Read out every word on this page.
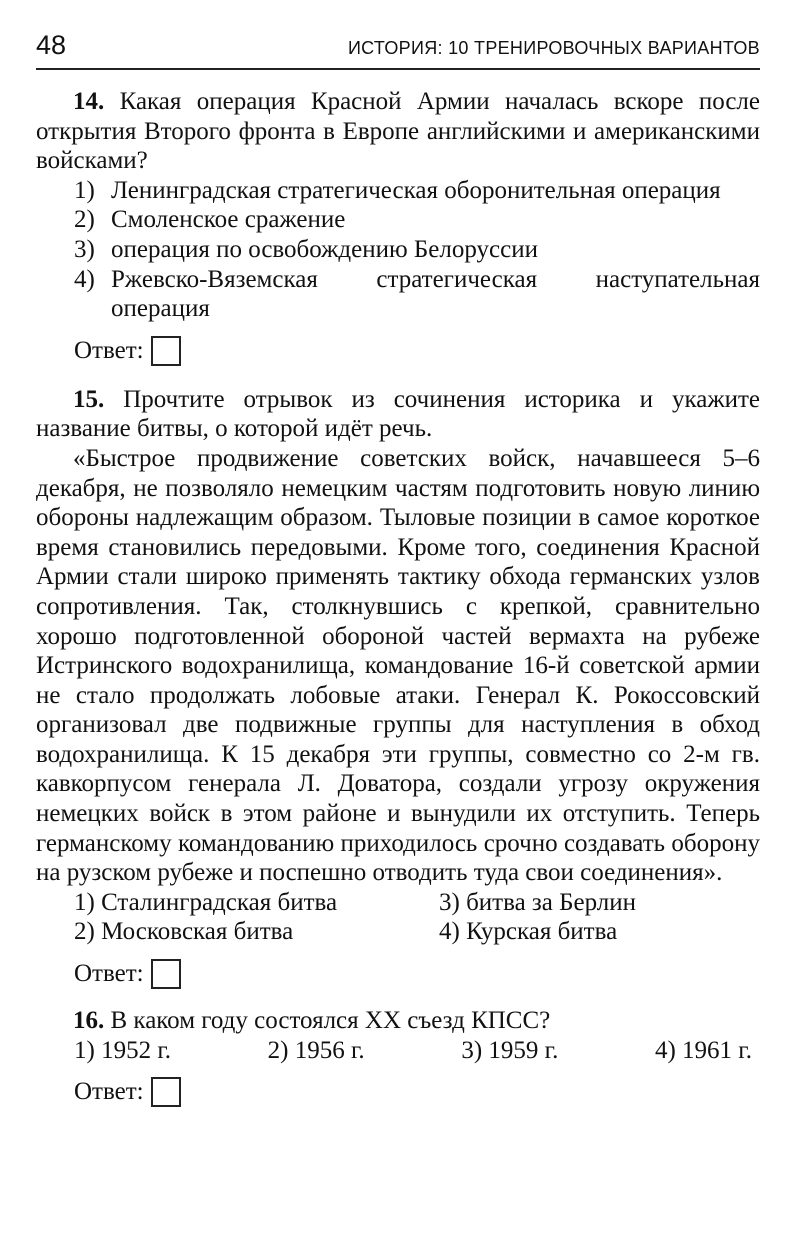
48	ИСТОРИЯ: 10 ТРЕНИРОВОЧНЫХ ВАРИАНТОВ

14. Какая операция Красной Армии началась вскоре после открытия Второго фронта в Европе английскими и американскими войсками?

1) Ленинградская стратегическая оборонительная операция
2) Смоленское сражение
3) операция по освобождению Белоруссии
4) Ржевско-Вяземская стратегическая наступательная операция
Ответ:

15. Прочтите отрывок из сочинения историка и укажите название битвы, о которой идёт речь.

«Быстрое продвижение советских войск, начавшееся 5–6 декабря, не позволяло немецким частям подготовить новую линию обороны надлежащим образом. Тыловые позиции в самое короткое время становились передовыми. Кроме того, соединения Красной Армии стали широко применять тактику обхода германских узлов сопротивления. Так, столкнувшись с крепкой, сравнительно хорошо подготовленной обороной частей вермахта на рубеже Истринского водохранилища, командование 16-й советской армии не стало продолжать лобовые атаки. Генерал К. Рокоссовский организовал две подвижные группы для наступления в обход водохранилища. К 15 декабря эти группы, совместно со 2-м гв. кавкорпусом генерала Л. Доватора, создали угрозу окружения немецких войск в этом районе и вынудили их отступить. Теперь германскому командованию приходилось срочно создавать оборону на рузском рубеже и поспешно отводить туда свои соединения».

1) Сталинградская битва	3) битва за Берлин
2) Московская битва	4) Курская битва
Ответ:

16. В каком году состоялся XX съезд КПСС?

1) 1952 г.	2) 1956 г.	3) 1959 г.	4) 1961 г.
Ответ:
